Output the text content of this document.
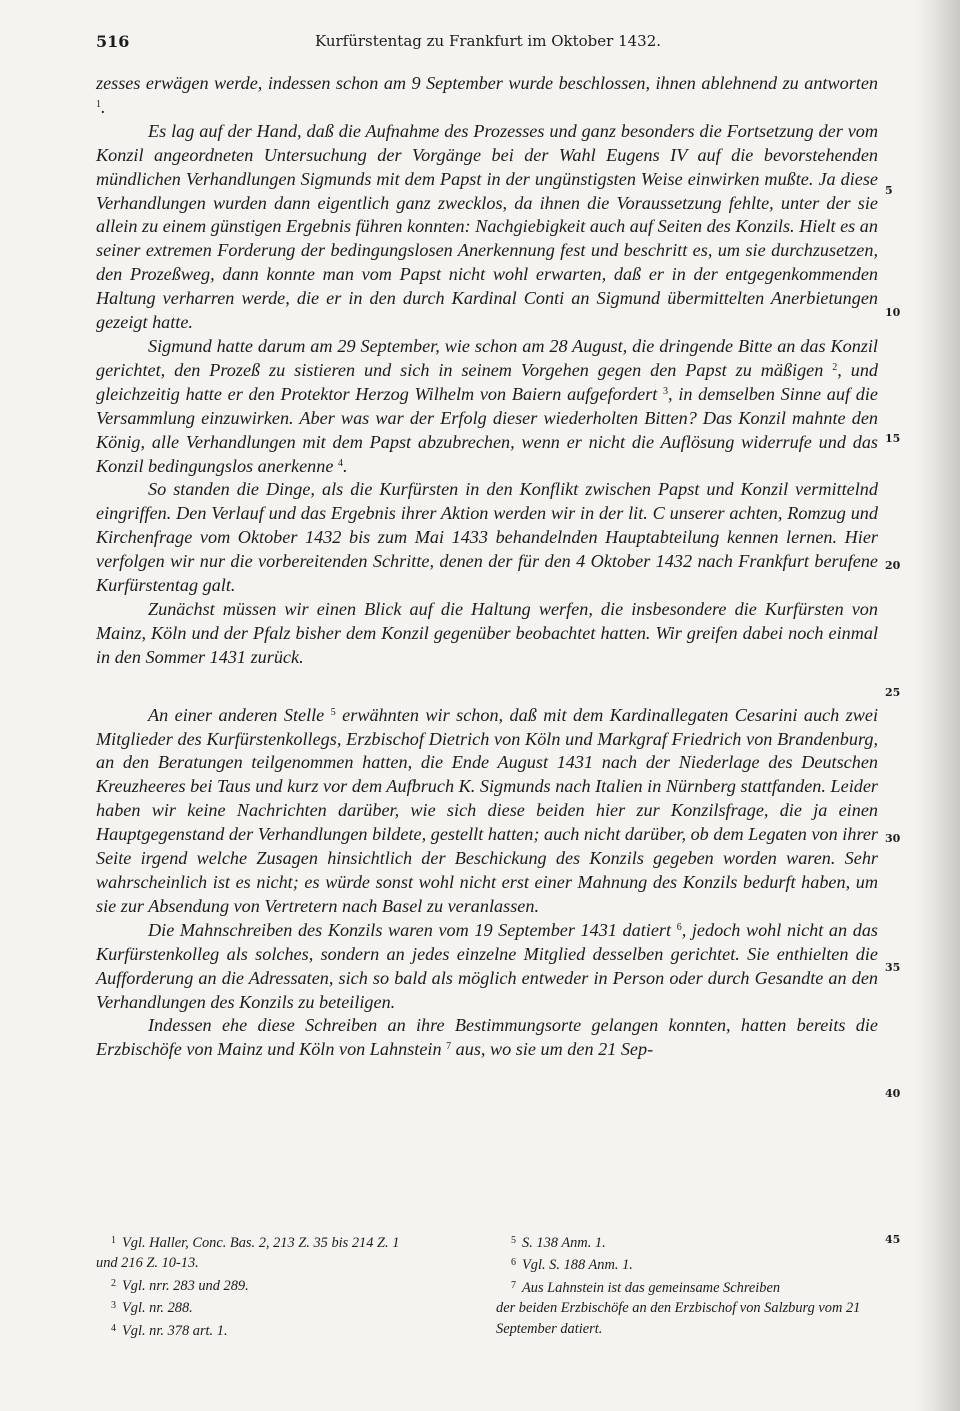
516	Kurfürstentag zu Frankfurt im Oktober 1432.

zesses erwägen werde, indessen schon am 9 September wurde beschlossen, ihnen ablehnend zu antworten $^1$.

Es lag auf der Hand, daß die Aufnahme des Prozesses und ganz besonders die Fortsetzung der vom Konzil angeordneten Untersuchung der Vorgänge bei der Wahl Eugens IV auf die bevorstehenden mündlichen Verhandlungen Sigmunds mit dem Papst in der ungünstigsten Weise einwirken mußte. Ja diese Verhandlungen wurden dann eigentlich ganz zwecklos, da ihnen die Voraussetzung fehlte, unter der sie allein zu einem günstigen Ergebnis führen konnten: Nachgiebigkeit auch auf Seiten des Konzils. Hielt es an seiner extremen Forderung der bedingungslosen Anerkennung fest und beschritt es, um sie durchzusetzen, den Prozeßweg, dann konnte man vom Papst nicht wohl erwarten, daß er in der entgegenkommenden Haltung verharren werde, die er in den durch Kardinal Conti an Sigmund übermittelten Anerbietungen gezeigt hatte.

Sigmund hatte darum am 29 September, wie schon am 28 August, die dringende Bitte an das Konzil gerichtet, den Prozeß zu sistieren und sich in seinem Vorgehen gegen den Papst zu mäßigen $^2$, und gleichzeitig hatte er den Protektor Herzog Wilhelm von Baiern aufgefordert $^3$, in demselben Sinne auf die Versammlung einzuwirken. Aber was war der Erfolg dieser wiederholten Bitten? Das Konzil mahnte den König, alle Verhandlungen mit dem Papst abzubrechen, wenn er nicht die Auflösung widerrufe und das Konzil bedingungslos anerkenne $^4$.

So standen die Dinge, als die Kurfürsten in den Konflikt zwischen Papst und Konzil vermittelnd eingriffen. Den Verlauf und das Ergebnis ihrer Aktion werden wir in der lit. C unserer achten, Romzug und Kirchenfrage vom Oktober 1432 bis zum Mai 1433 behandelnden Hauptabteilung kennen lernen. Hier verfolgen wir nur die vorbereitenden Schritte, denen der für den 4 Oktober 1432 nach Frankfurt berufene Kurfürstentag galt.

Zunächst müssen wir einen Blick auf die Haltung werfen, die insbesondere die Kurfürsten von Mainz, Köln und der Pfalz bisher dem Konzil gegenüber beobachtet hatten. Wir greifen dabei noch einmal in den Sommer 1431 zurück.

An einer anderen Stelle $^5$ erwähnten wir schon, daß mit dem Kardinallegaten Cesarini auch zwei Mitglieder des Kurfürstenkollegs, Erzbischof Dietrich von Köln und Markgraf Friedrich von Brandenburg, an den Beratungen teilgenommen hatten, die Ende August 1431 nach der Niederlage des Deutschen Kreuzheeres bei Taus und kurz vor dem Aufbruch K. Sigmunds nach Italien in Nürnberg stattfanden. Leider haben wir keine Nachrichten darüber, wie sich diese beiden hier zur Konzilsfrage, die ja einen Hauptgegenstand der Verhandlungen bildete, gestellt hatten; auch nicht darüber, ob dem Legaten von ihrer Seite irgend welche Zusagen hinsichtlich der Beschickung des Konzils gegeben worden waren. Sehr wahrscheinlich ist es nicht; es würde sonst wohl nicht erst einer Mahnung des Konzils bedurft haben, um sie zur Absendung von Vertretern nach Basel zu veranlassen.

Die Mahnschreiben des Konzils waren vom 19 September 1431 datiert $^6$, jedoch wohl nicht an das Kurfürstenkolleg als solches, sondern an jedes einzelne Mitglied desselben gerichtet. Sie enthielten die Aufforderung an die Adressaten, sich so bald als möglich entweder in Person oder durch Gesandte an den Verhandlungen des Konzils zu beteiligen.

Indessen ehe diese Schreiben an ihre Bestimmungsorte gelangen konnten, hatten bereits die Erzbischöfe von Mainz und Köln von Lahnstein $^7$ aus, wo sie um den 21 Sep-

5
10
15
20
25
30
35
40
45

1 Vgl. Haller, Conc. Bas. 2, 213 Z. 35 bis 214 Z. 1
und 216 Z. 10-13.

2 Vgl. nrr. 283 und 289.

3 Vgl. nr. 288.

4 Vgl. nr. 378 art. 1.

5 S. 138 Anm. 1.

6 Vgl. S. 188 Anm. 1.

7 Aus Lahnstein ist das gemeinsame Schreiben
der beiden Erzbischöfe an den Erzbischof von Salzburg vom 21 September datiert.
